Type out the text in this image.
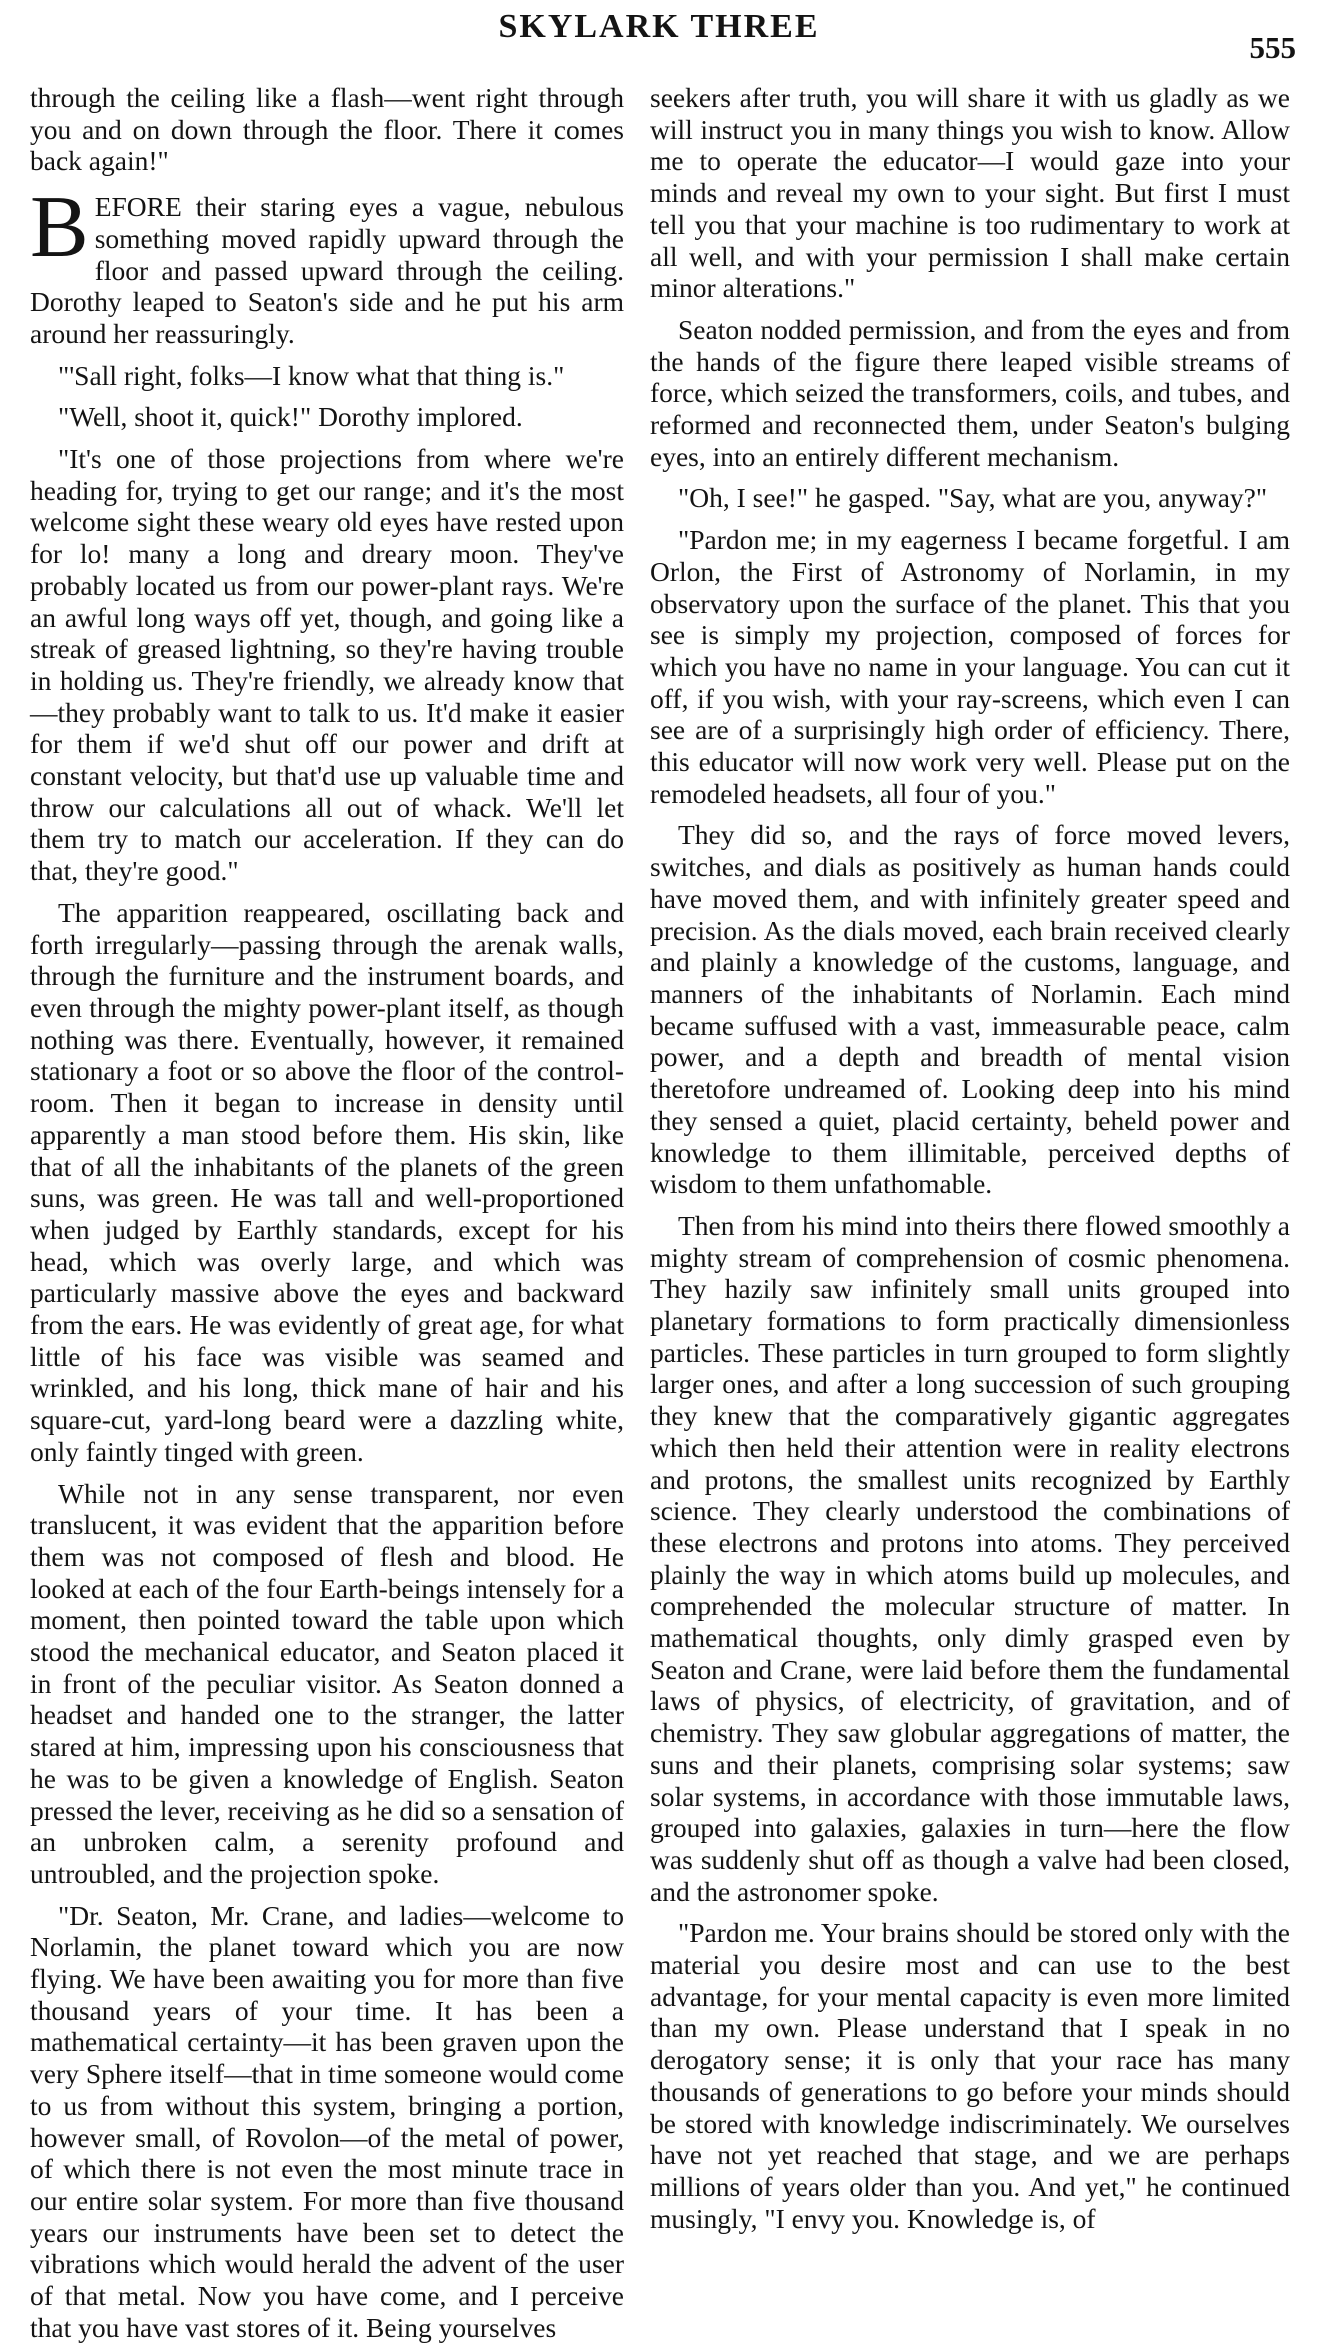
SKYLARK THREE
555

through the ceiling like a flash—went right through you and on down through the floor. There it comes back again!"

BEFORE their staring eyes a vague, nebulous something moved rapidly upward through the floor and passed upward through the ceiling. Dorothy leaped to Seaton's side and he put his arm around her reassuringly.

"'Sall right, folks—I know what that thing is."

"Well, shoot it, quick!" Dorothy implored.

"It's one of those projections from where we're heading for, trying to get our range; and it's the most welcome sight these weary old eyes have rested upon for lo! many a long and dreary moon. They've probably located us from our power-plant rays. We're an awful long ways off yet, though, and going like a streak of greased lightning, so they're having trouble in holding us. They're friendly, we already know that—they probably want to talk to us. It'd make it easier for them if we'd shut off our power and drift at constant velocity, but that'd use up valuable time and throw our calculations all out of whack. We'll let them try to match our acceleration. If they can do that, they're good."

The apparition reappeared, oscillating back and forth irregularly—passing through the arenak walls, through the furniture and the instrument boards, and even through the mighty power-plant itself, as though nothing was there. Eventually, however, it remained stationary a foot or so above the floor of the control-room. Then it began to increase in density until apparently a man stood before them. His skin, like that of all the inhabitants of the planets of the green suns, was green. He was tall and well-proportioned when judged by Earthly standards, except for his head, which was overly large, and which was particularly massive above the eyes and backward from the ears. He was evidently of great age, for what little of his face was visible was seamed and wrinkled, and his long, thick mane of hair and his square-cut, yard-long beard were a dazzling white, only faintly tinged with green.

While not in any sense transparent, nor even translucent, it was evident that the apparition before them was not composed of flesh and blood. He looked at each of the four Earth-beings intensely for a moment, then pointed toward the table upon which stood the mechanical educator, and Seaton placed it in front of the peculiar visitor. As Seaton donned a headset and handed one to the stranger, the latter stared at him, impressing upon his consciousness that he was to be given a knowledge of English. Seaton pressed the lever, receiving as he did so a sensation of an unbroken calm, a serenity profound and untroubled, and the projection spoke.

"Dr. Seaton, Mr. Crane, and ladies—welcome to Norlamin, the planet toward which you are now flying. We have been awaiting you for more than five thousand years of your time. It has been a mathematical certainty—it has been graven upon the very Sphere itself—that in time someone would come to us from without this system, bringing a portion, however small, of Rovolon—of the metal of power, of which there is not even the most minute trace in our entire solar system. For more than five thousand years our instruments have been set to detect the vibrations which would herald the advent of the user of that metal. Now you have come, and I perceive that you have vast stores of it. Being yourselves

seekers after truth, you will share it with us gladly as we will instruct you in many things you wish to know. Allow me to operate the educator—I would gaze into your minds and reveal my own to your sight. But first I must tell you that your machine is too rudimentary to work at all well, and with your permission I shall make certain minor alterations."

Seaton nodded permission, and from the eyes and from the hands of the figure there leaped visible streams of force, which seized the transformers, coils, and tubes, and reformed and reconnected them, under Seaton's bulging eyes, into an entirely different mechanism.

"Oh, I see!" he gasped. "Say, what are you, anyway?"

"Pardon me; in my eagerness I became forgetful. I am Orlon, the First of Astronomy of Norlamin, in my observatory upon the surface of the planet. This that you see is simply my projection, composed of forces for which you have no name in your language. You can cut it off, if you wish, with your ray-screens, which even I can see are of a surprisingly high order of efficiency. There, this educator will now work very well. Please put on the remodeled headsets, all four of you."

They did so, and the rays of force moved levers, switches, and dials as positively as human hands could have moved them, and with infinitely greater speed and precision. As the dials moved, each brain received clearly and plainly a knowledge of the customs, language, and manners of the inhabitants of Norlamin. Each mind became suffused with a vast, immeasurable peace, calm power, and a depth and breadth of mental vision theretofore undreamed of. Looking deep into his mind they sensed a quiet, placid certainty, beheld power and knowledge to them illimitable, perceived depths of wisdom to them unfathomable.

Then from his mind into theirs there flowed smoothly a mighty stream of comprehension of cosmic phenomena. They hazily saw infinitely small units grouped into planetary formations to form practically dimensionless particles. These particles in turn grouped to form slightly larger ones, and after a long succession of such grouping they knew that the comparatively gigantic aggregates which then held their attention were in reality electrons and protons, the smallest units recognized by Earthly science. They clearly understood the combinations of these electrons and protons into atoms. They perceived plainly the way in which atoms build up molecules, and comprehended the molecular structure of matter. In mathematical thoughts, only dimly grasped even by Seaton and Crane, were laid before them the fundamental laws of physics, of electricity, of gravitation, and of chemistry. They saw globular aggregations of matter, the suns and their planets, comprising solar systems; saw solar systems, in accordance with those immutable laws, grouped into galaxies, galaxies in turn—here the flow was suddenly shut off as though a valve had been closed, and the astronomer spoke.

"Pardon me. Your brains should be stored only with the material you desire most and can use to the best advantage, for your mental capacity is even more limited than my own. Please understand that I speak in no derogatory sense; it is only that your race has many thousands of generations to go before your minds should be stored with knowledge indiscriminately. We ourselves have not yet reached that stage, and we are perhaps millions of years older than you. And yet," he continued musingly, "I envy you. Knowledge is, of
